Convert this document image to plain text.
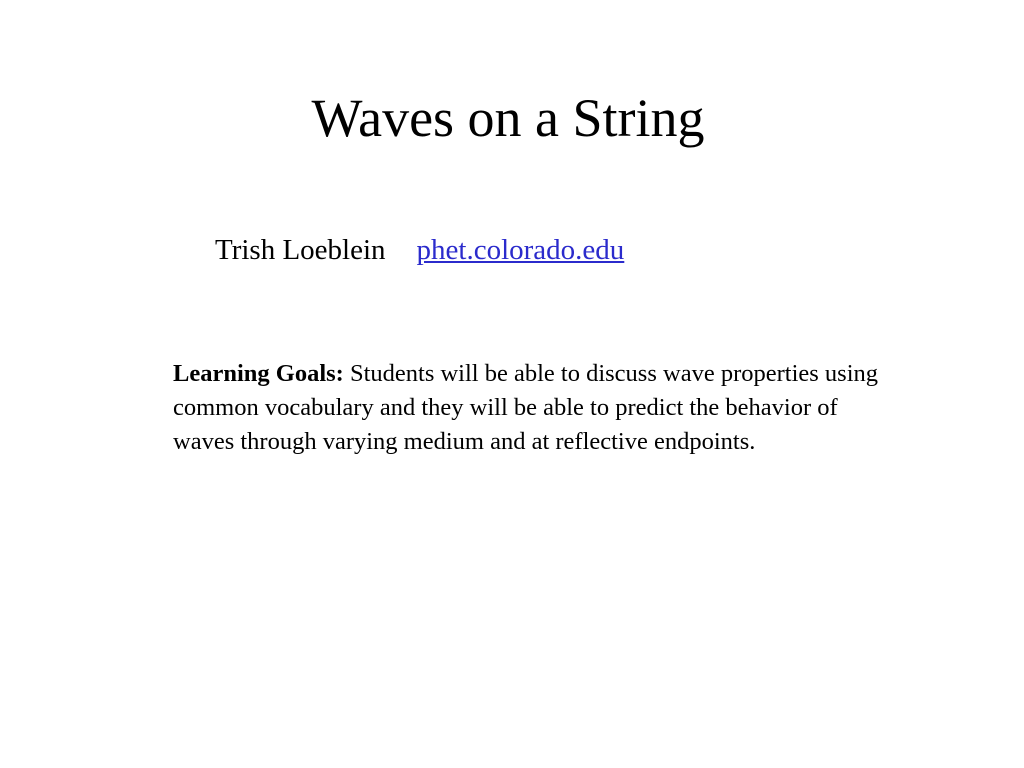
Waves on a String
Trish Loeblein phet.colorado.edu
Learning Goals: Students will be able to discuss wave properties using common vocabulary and they will be able to predict the behavior of waves through varying medium and at reflective endpoints.
